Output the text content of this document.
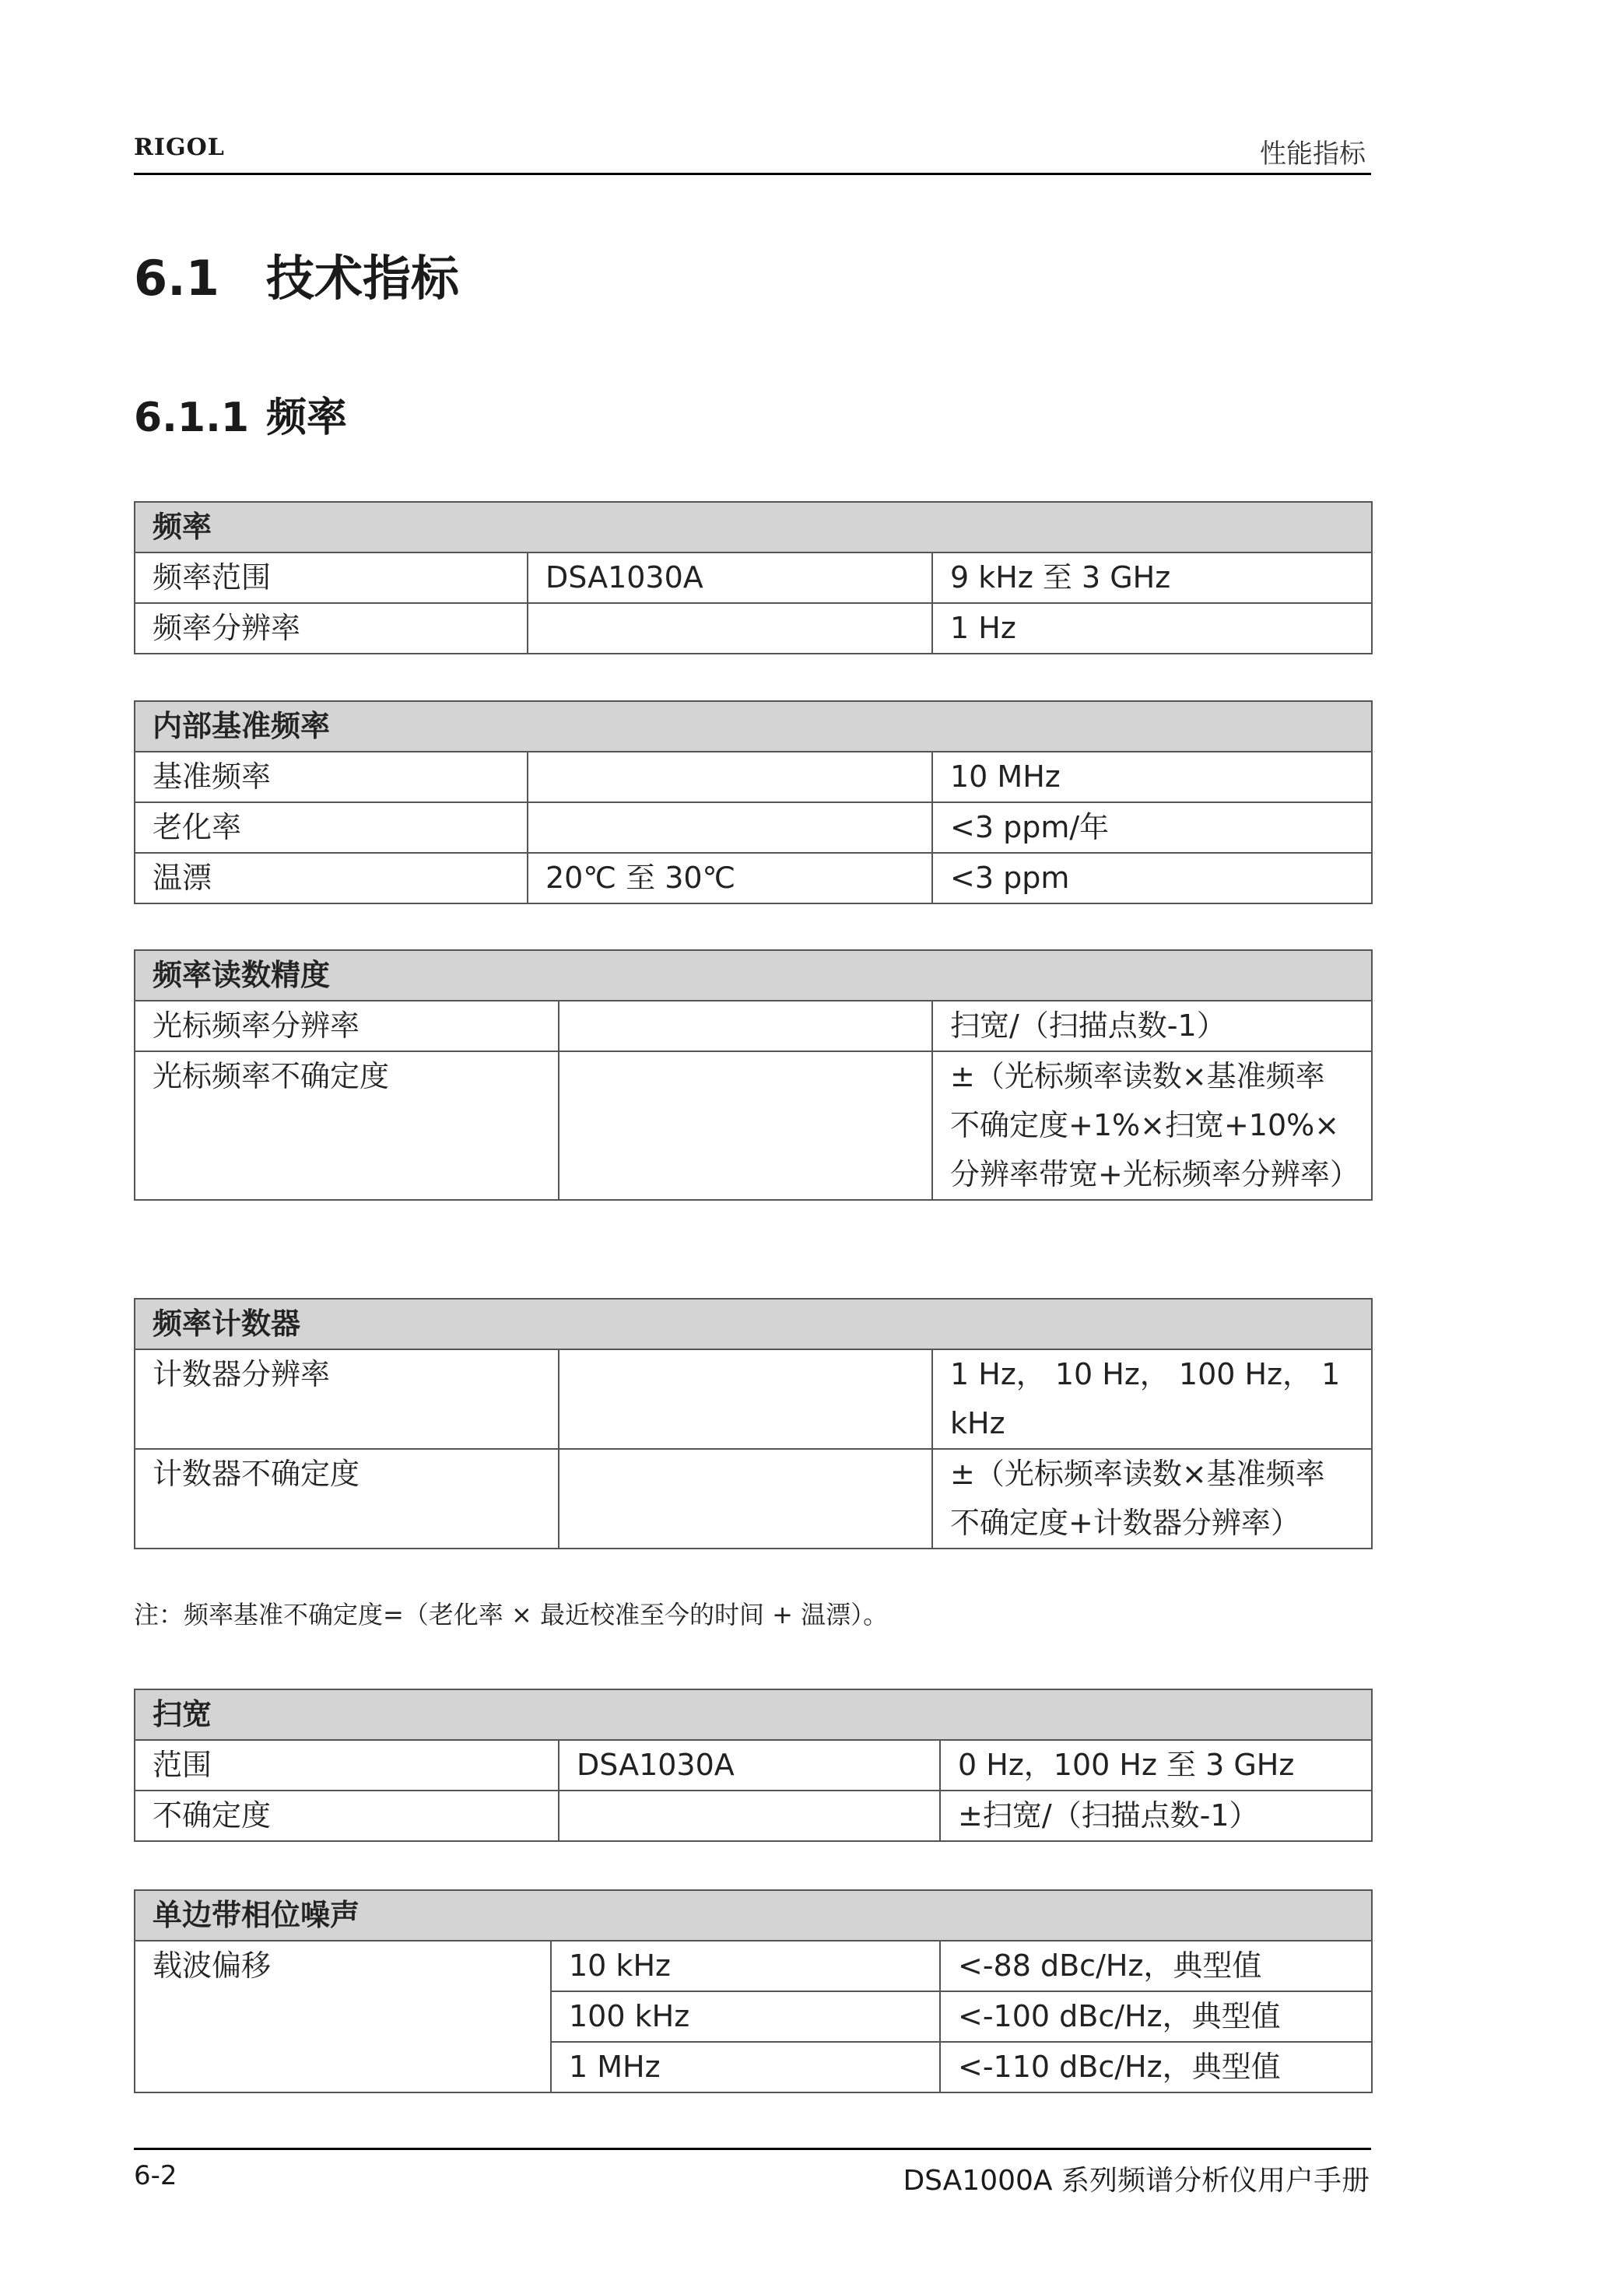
RIGOL	性能指标
6.1 技术指标
6.1.1 频率
频率		
频率范围	DSA1030A	9 kHz 至 3 GHz
频率分辨率		1 Hz
内部基准频率		
基准频率		10 MHz
老化率		<3 ppm/年
温漂	20℃ 至 30℃	<3 ppm
频率读数精度		
光标频率分辨率		扫宽/（扫描点数-1）
光标频率不确定度		±（光标频率读数×基准频率不确定度+1%×扫宽+10%×分辨率带宽+光标频率分辨率）
频率计数器		
计数器分辨率		1 Hz， 10 Hz， 100 Hz， 1 kHz
计数器不确定度		±（光标频率读数×基准频率不确定度+计数器分辨率）
注：频率基准不确定度=（老化率 × 最近校准至今的时间 + 温漂）。
扫宽		
范围	DSA1030A	0 Hz，100 Hz 至 3 GHz
不确定度		±扫宽/（扫描点数-1）
单边带相位噪声		
载波偏移	10 kHz	<-88 dBc/Hz，典型值
	100 kHz	<-100 dBc/Hz，典型值
	1 MHz	<-110 dBc/Hz，典型值
6-2	DSA1000A 系列频谱分析仪用户手册
